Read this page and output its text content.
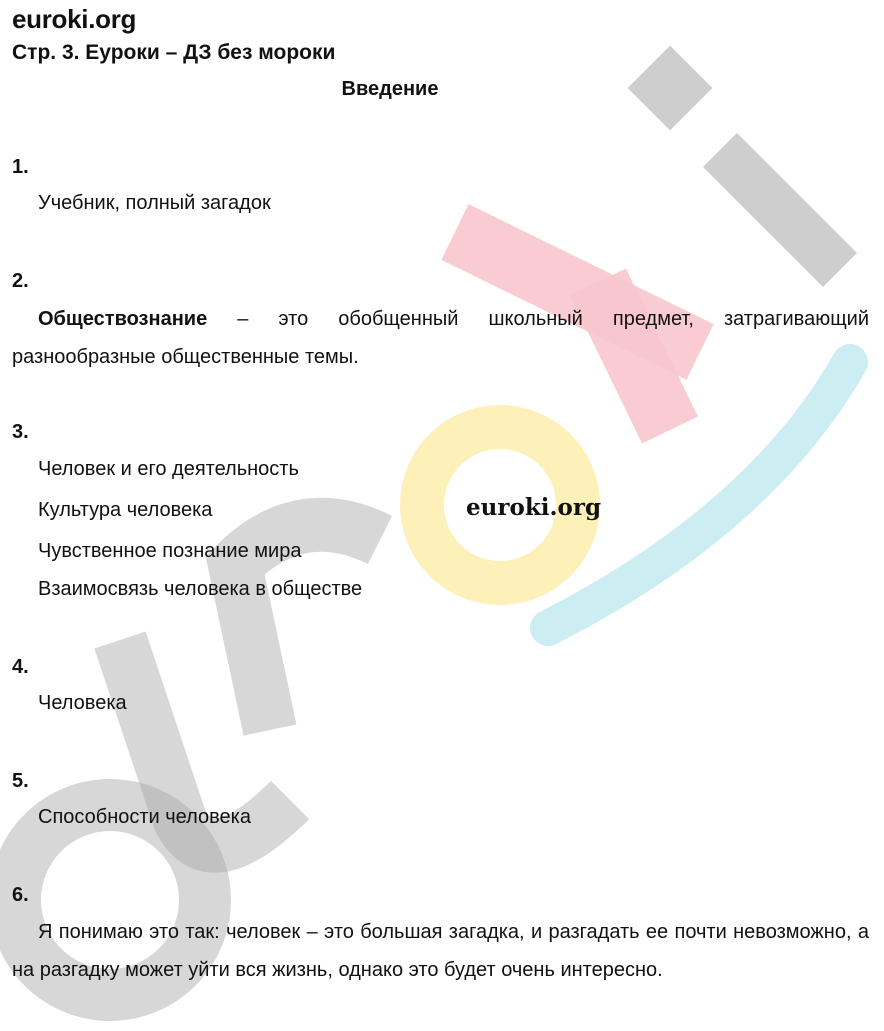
euroki.org
Стр. 3. Еуроки – ДЗ без мороки
Введение
1.
Учебник, полный загадок
2.
Обществознание – это обобщенный школьный предмет, затрагивающий разнообразные общественные темы.
3.
Человек и его деятельность
Культура человека
Чувственное познание мира
Взаимосвязь человека в обществе
euroki.org
4.
Человека
5.
Способности человека
6.
Я понимаю это так: человек – это большая загадка, и разгадать ее почти невозможно, а на разгадку может уйти вся жизнь, однако это будет очень интересно.
